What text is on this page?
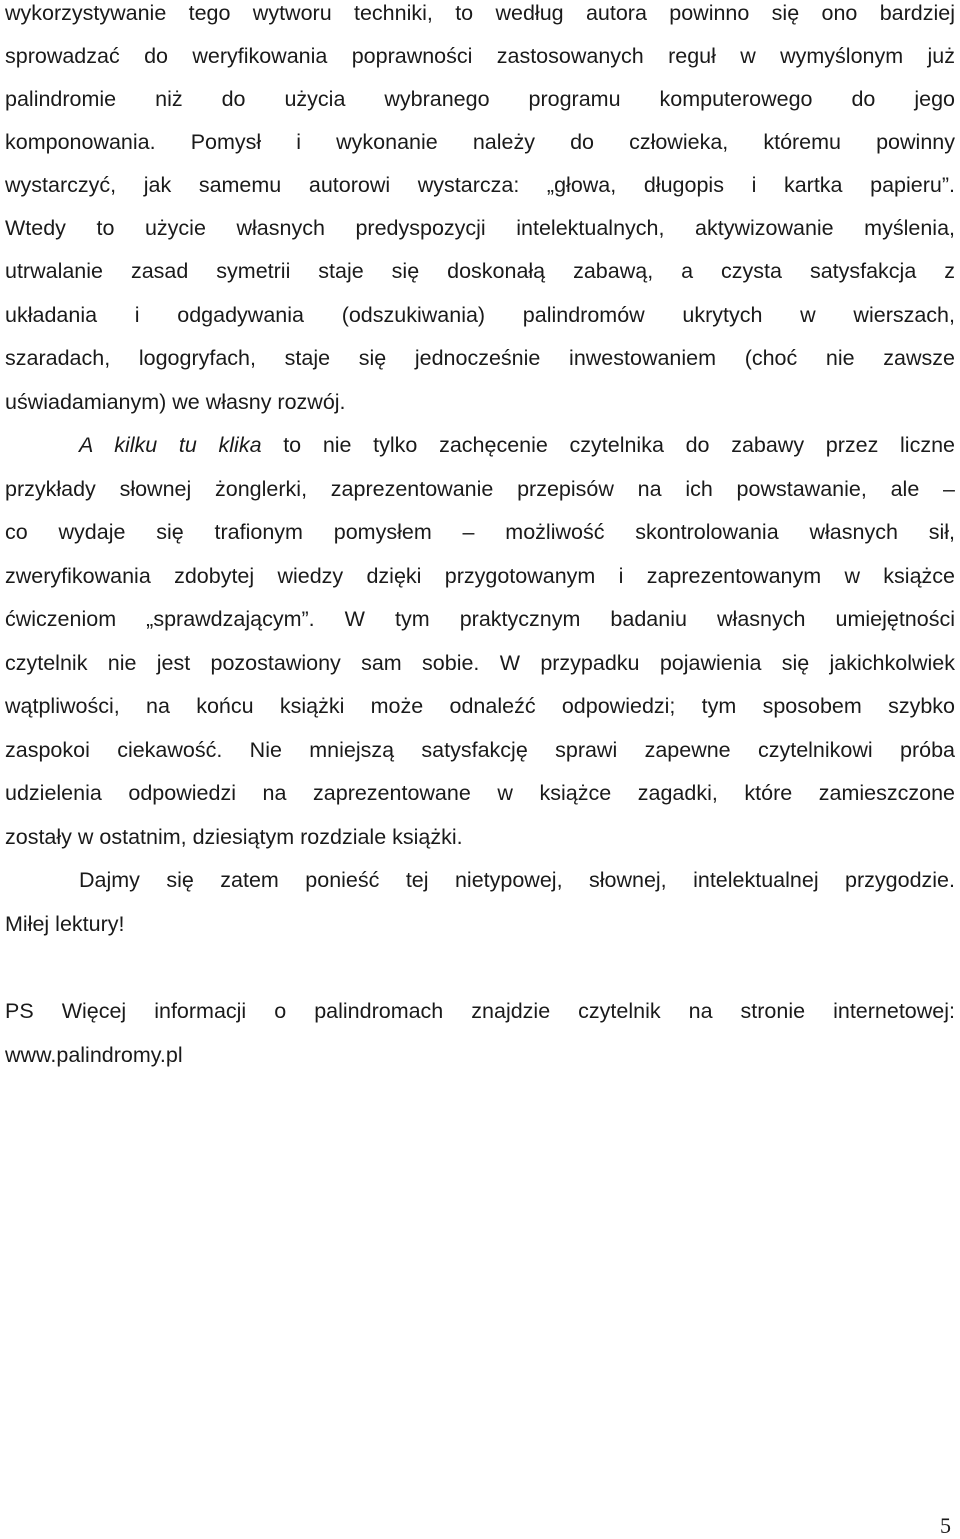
wykorzystywanie tego wytworu techniki, to według autora powinno się ono bardziej
sprowadzać do weryfikowania poprawności zastosowanych reguł w wymyślonym już
palindromie niż do użycia wybranego programu komputerowego do jego
komponowania. Pomysł i wykonanie należy do człowieka, któremu powinny
wystarczyć, jak samemu autorowi wystarcza: „głowa, długopis i kartka papieru”.
Wtedy to użycie własnych predyspozycji intelektualnych, aktywizowanie myślenia,
utrwalanie zasad symetrii staje się doskonałą zabawą, a czysta satysfakcja z
układania i odgadywania (odszukiwania) palindromów ukrytych w wierszach,
szaradach, logogryfach, staje się jednocześnie inwestowaniem (choć nie zawsze
uświadamianym) we własny rozwój.
A kilku tu klika to nie tylko zachęcenie czytelnika do zabawy przez liczne
przykłady słownej żonglerki, zaprezentowanie przepisów na ich powstawanie, ale –
co wydaje się trafionym pomysłem – możliwość skontrolowania własnych sił,
zweryfikowania zdobytej wiedzy dzięki przygotowanym i zaprezentowanym w książce
ćwiczeniom „sprawdzającym”. W tym praktycznym badaniu własnych umiejętności
czytelnik nie jest pozostawiony sam sobie. W przypadku pojawienia się jakichkolwiek
wątpliwości, na końcu książki może odnaleźć odpowiedzi; tym sposobem szybko
zaspokoi ciekawość. Nie mniejszą satysfakcję sprawi zapewne czytelnikowi próba
udzielenia odpowiedzi na zaprezentowane w książce zagadki, które zamieszczone
zostały w ostatnim, dziesiątym rozdziale książki.
Dajmy się zatem ponieść tej nietypowej, słownej, intelektualnej przygodzie.
Miłej lektury!
PS Więcej informacji o palindromach znajdzie czytelnik na stronie internetowej:
www.palindromy.pl
5
